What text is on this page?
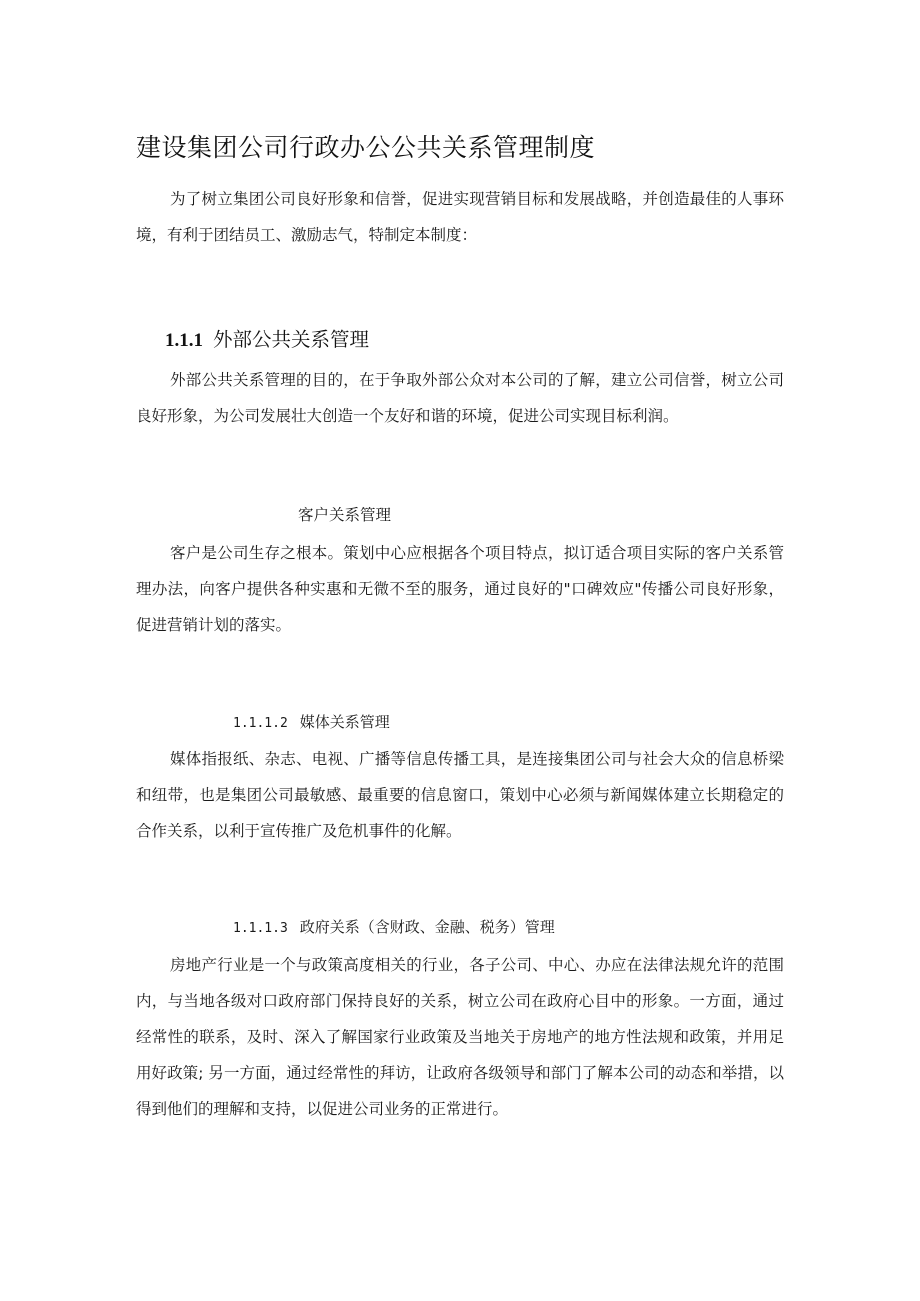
建设集团公司行政办公公共关系管理制度
为了树立集团公司良好形象和信誉，促进实现营销目标和发展战略，并创造最佳的人事环境，有利于团结员工、激励志气，特制定本制度：
1.1.1 外部公共关系管理
外部公共关系管理的目的，在于争取外部公众对本公司的了解，建立公司信誉，树立公司良好形象，为公司发展壮大创造一个友好和谐的环境，促进公司实现目标利润。
客户关系管理
客户是公司生存之根本。策划中心应根据各个项目特点，拟订适合项目实际的客户关系管理办法，向客户提供各种实惠和无微不至的服务，通过良好的"口碑效应"传播公司良好形象，促进营销计划的落实。
1.1.1.2 媒体关系管理
媒体指报纸、杂志、电视、广播等信息传播工具，是连接集团公司与社会大众的信息桥梁和纽带，也是集团公司最敏感、最重要的信息窗口，策划中心必须与新闻媒体建立长期稳定的合作关系，以利于宣传推广及危机事件的化解。
1.1.1.3 政府关系（含财政、金融、税务）管理
房地产行业是一个与政策高度相关的行业，各子公司、中心、办应在法律法规允许的范围内，与当地各级对口政府部门保持良好的关系，树立公司在政府心目中的形象。一方面，通过经常性的联系，及时、深入了解国家行业政策及当地关于房地产的地方性法规和政策，并用足用好政策; 另一方面，通过经常性的拜访，让政府各级领导和部门了解本公司的动态和举措，以得到他们的理解和支持，以促进公司业务的正常进行。
